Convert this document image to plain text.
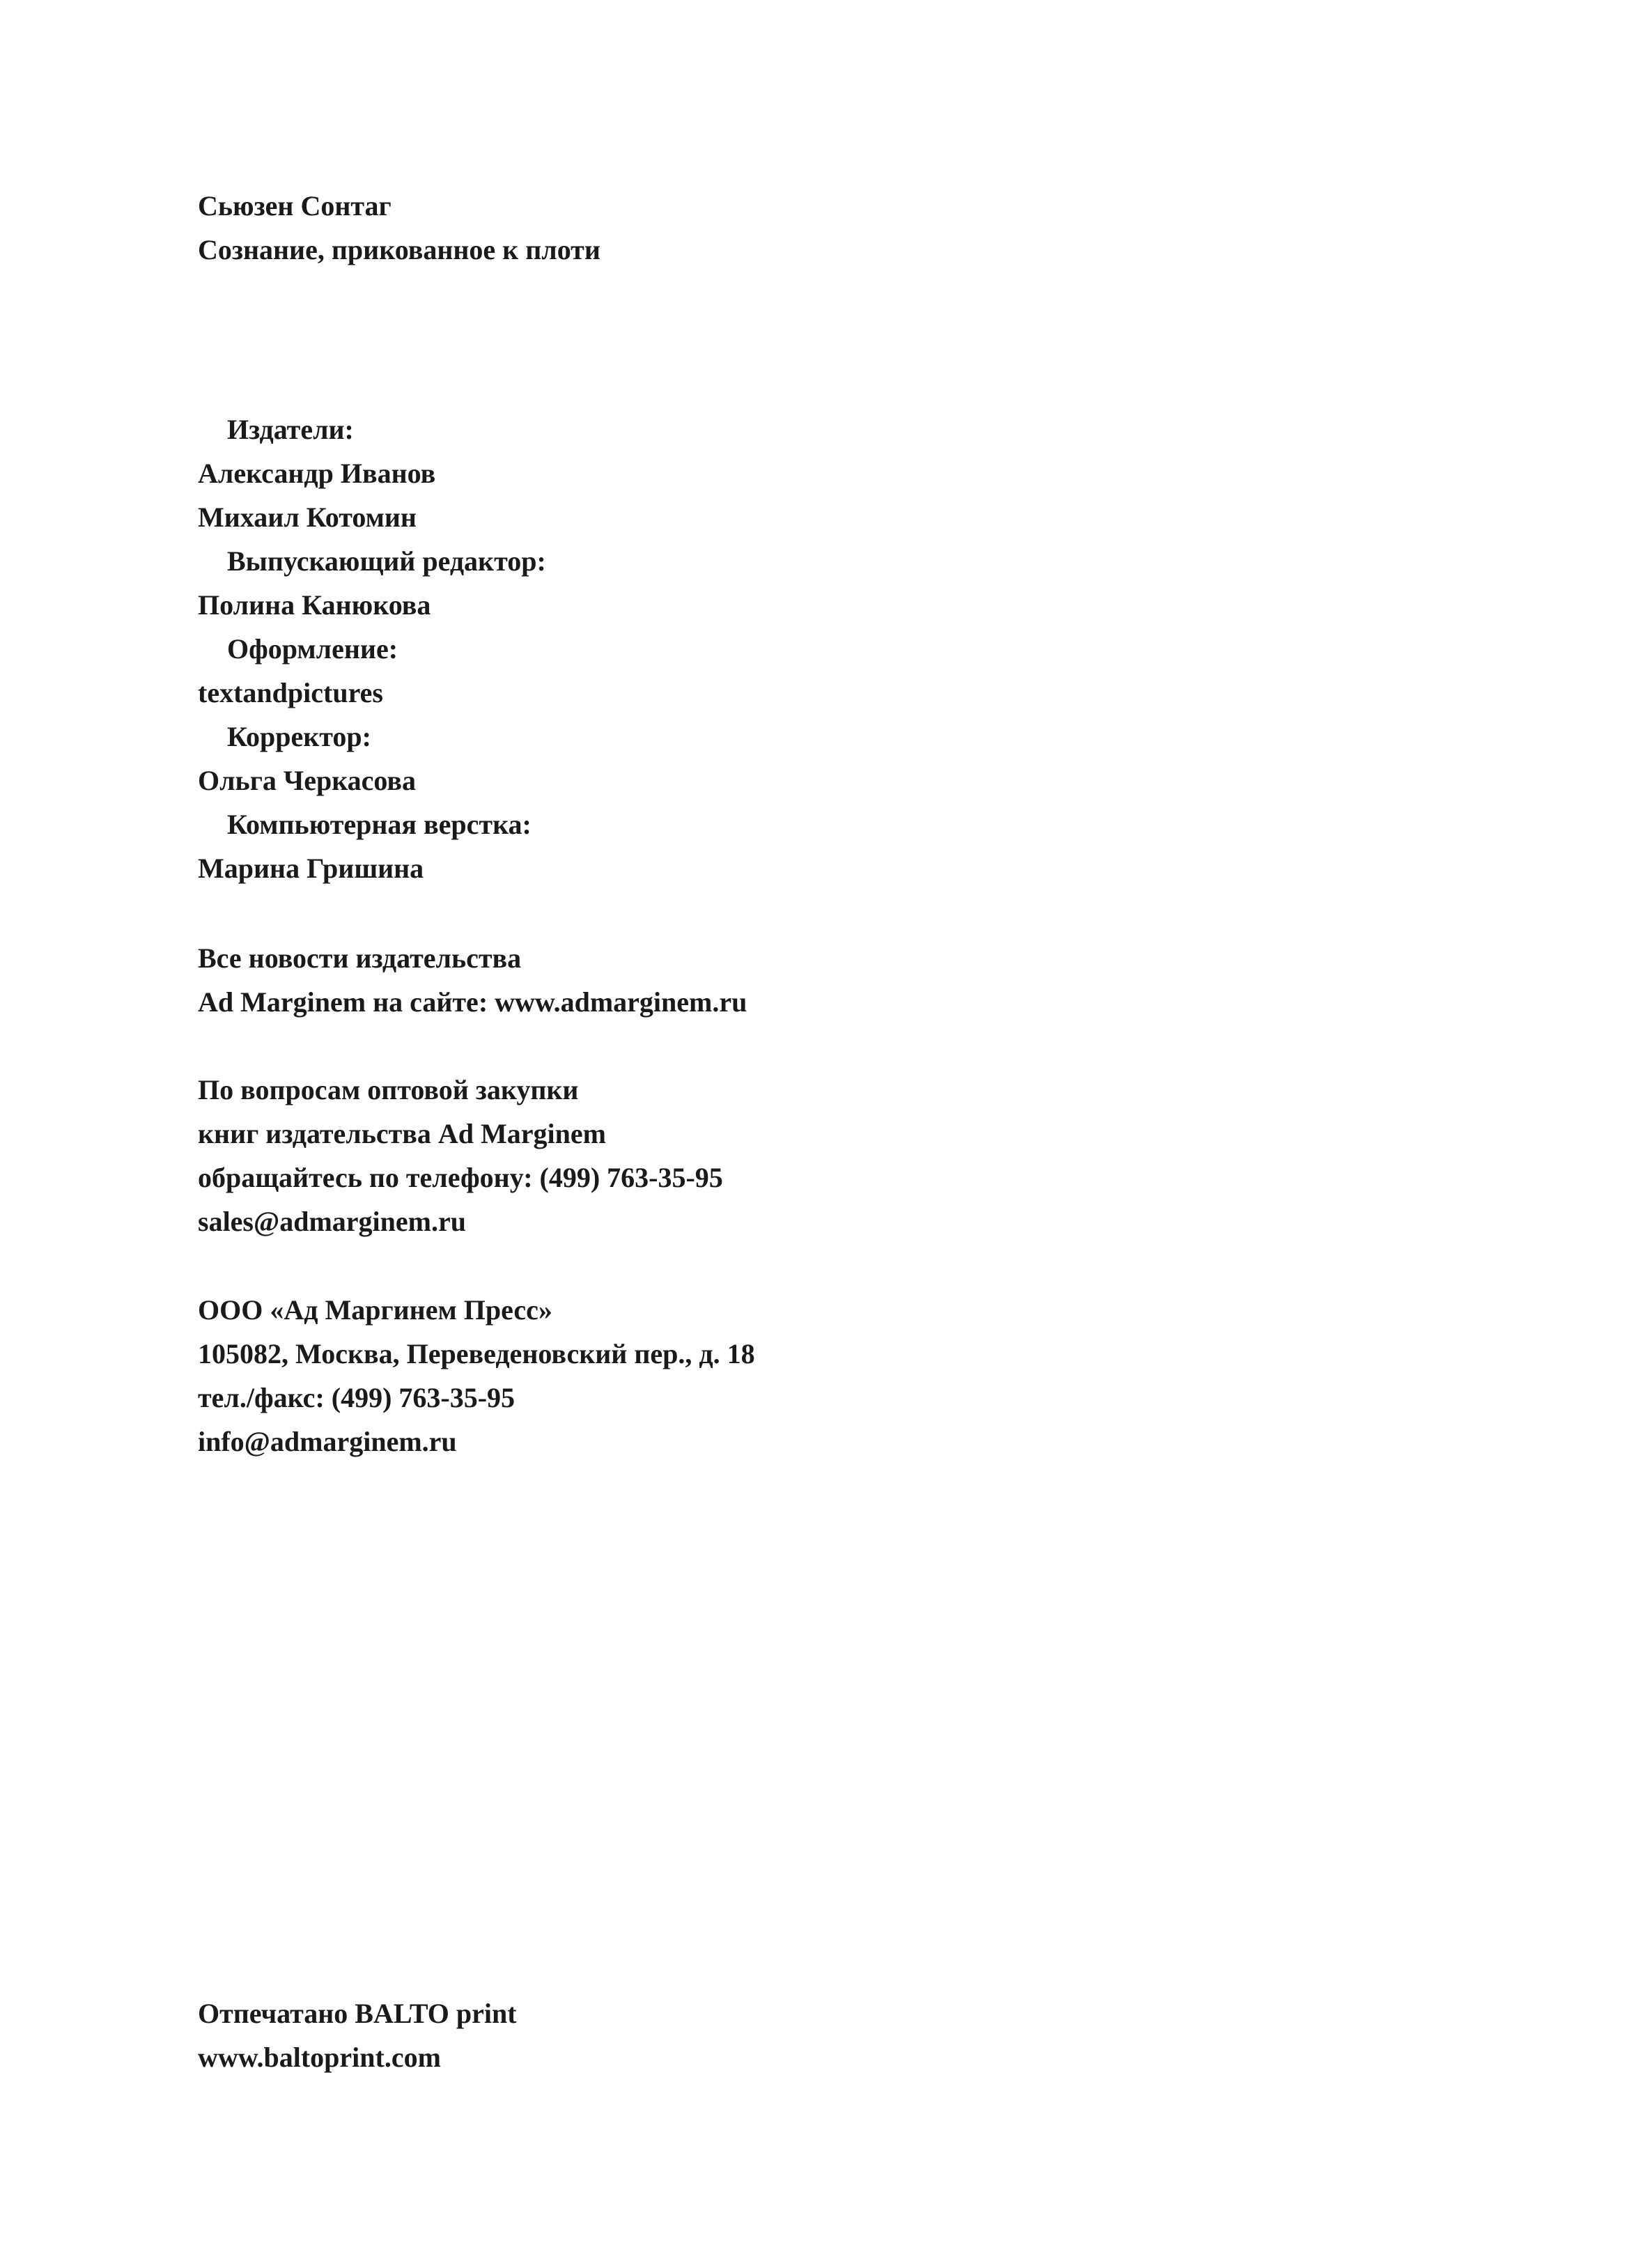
Сьюзен Сонтаг
Сознание, прикованное к плоти
Издатели:
Александр Иванов
Михаил Котомин
Выпускающий редактор:
Полина Канюкова
Оформление:
textandpictures
Корректор:
Ольга Черкасова
Компьютерная верстка:
Марина Гришина
Все новости издательства
Ad Marginem на сайте: www.admarginem.ru
По вопросам оптовой закупки
книг издательства Ad Marginem
обращайтесь по телефону: (499) 763-35-95
sales@admarginem.ru
ООО «Ад Маргинем Пресс»
105082, Москва, Переведеновский пер., д. 18
тел./факс: (499) 763-35-95
info@admarginem.ru
Отпечатано BALTO print
www.baltoprint.com
